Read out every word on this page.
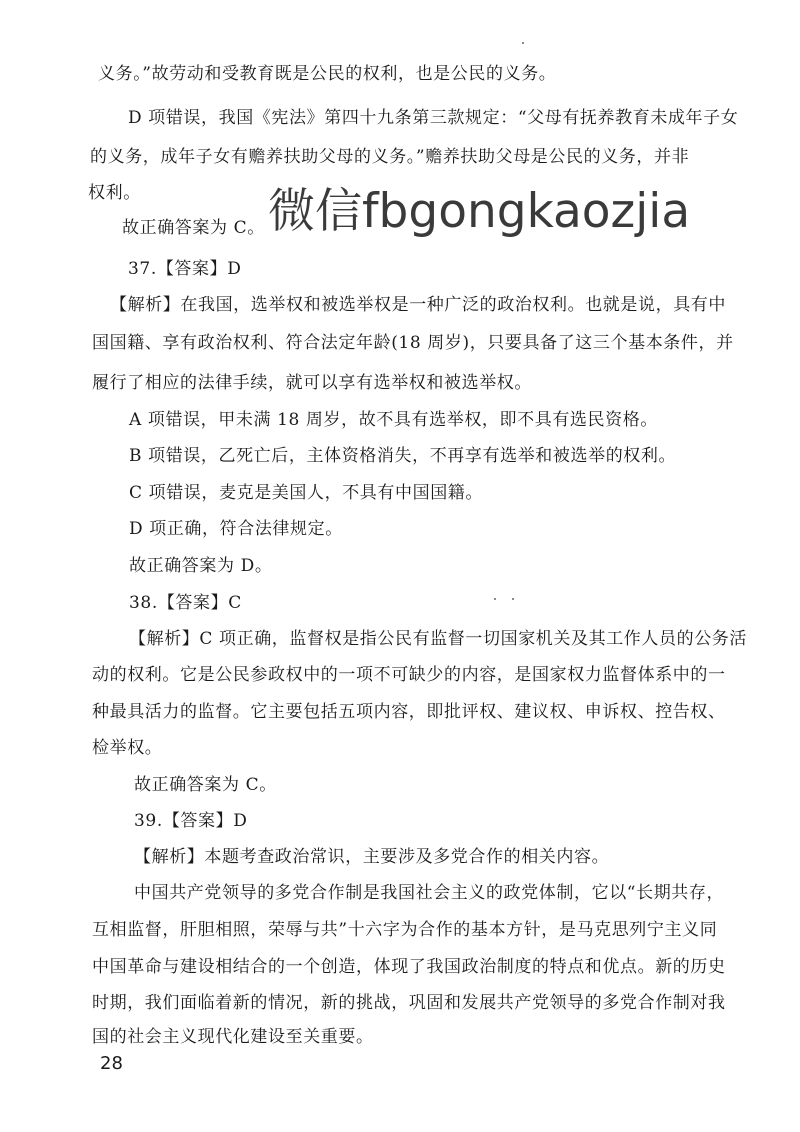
义务。”故劳动和受教育既是公民的权利，也是公民的义务。
D 项错误，我国《宪法》第四十九条第三款规定：“父母有抚养教育未成年子女
的义务，成年子女有赡养扶助父母的义务。”赡养扶助父母是公民的义务，并非
权利。
故正确答案为 C。
37.【答案】D
【解析】在我国，选举权和被选举权是一种广泛的政治权利。也就是说，具有中
国国籍、享有政治权利、符合法定年龄(18 周岁)，只要具备了这三个基本条件，并
履行了相应的法律手续，就可以享有选举权和被选举权。
A 项错误，甲未满 18 周岁，故不具有选举权，即不具有选民资格。
B 项错误，乙死亡后，主体资格消失，不再享有选举和被选举的权利。
C 项错误，麦克是美国人，不具有中国国籍。
D 项正确，符合法律规定。
故正确答案为 D。
38.【答案】C
【解析】C 项正确，监督权是指公民有监督一切国家机关及其工作人员的公务活
动的权利。它是公民参政权中的一项不可缺少的内容，是国家权力监督体系中的一
种最具活力的监督。它主要包括五项内容，即批评权、建议权、申诉权、控告权、
检举权。
故正确答案为 C。
39.【答案】D
【解析】本题考查政治常识，主要涉及多党合作的相关内容。
中国共产党领导的多党合作制是我国社会主义的政党体制，它以“长期共存，
互相监督，肝胆相照，荣辱与共”十六字为合作的基本方针，是马克思列宁主义同
中国革命与建设相结合的一个创造，体现了我国政治制度的特点和优点。新的历史
时期，我们面临着新的情况，新的挑战，巩固和发展共产党领导的多党合作制对我
国的社会主义现代化建设至关重要。
微信fbgongkaozjia
28
